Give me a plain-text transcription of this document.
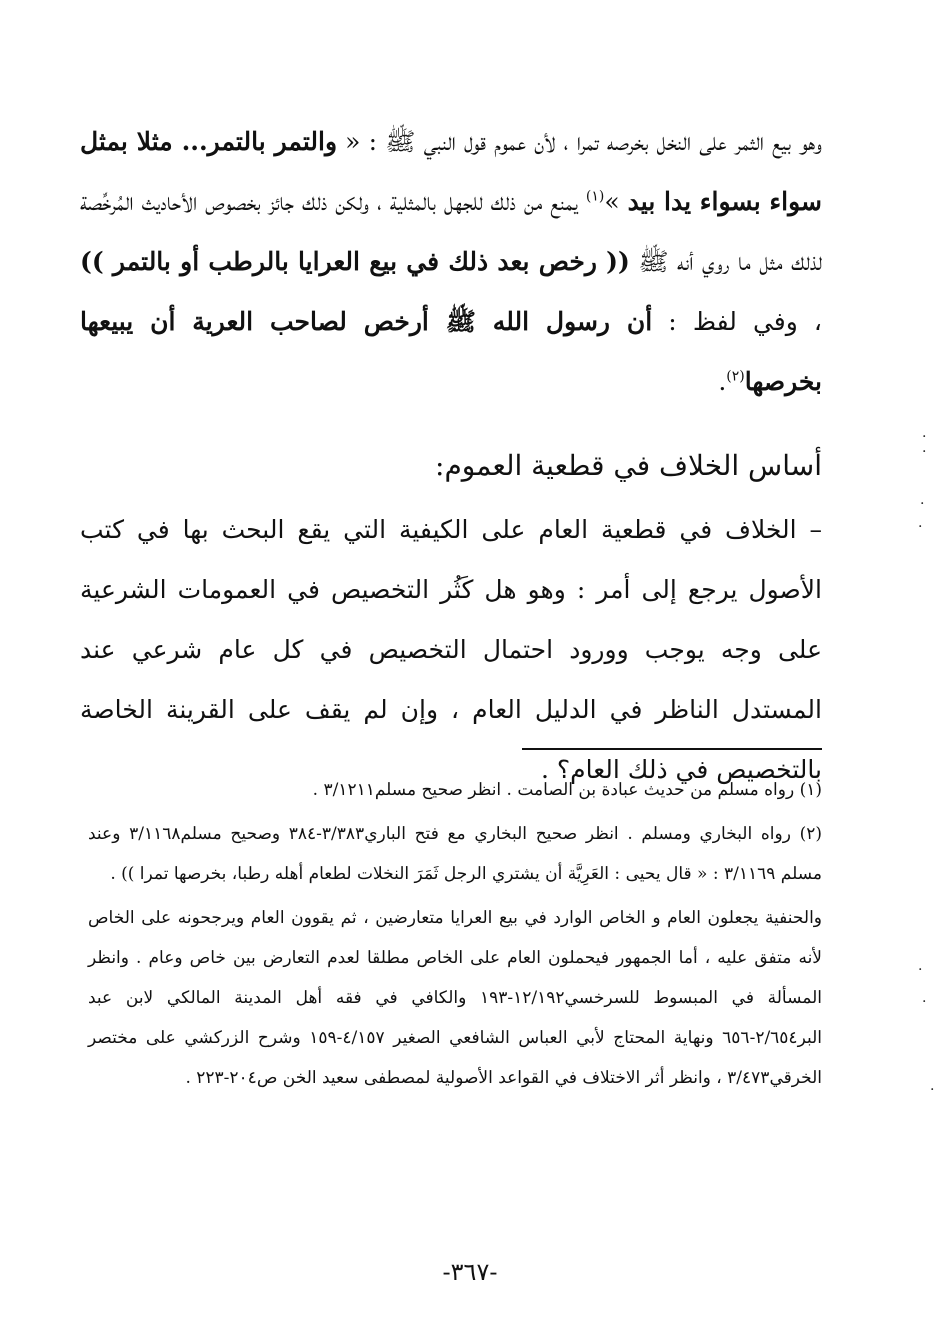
وهو بيع الثمر على النخل بخرصه تمرا ، لأن عموم قول النبي ﷺ : « والتمر بالتمر... مثلا بمثل سواء بسواء يدا بيد »$^{(١)}$ يمنع من ذلك للجهل بالمثلية ، ولكن ذلك جائز بخصوص الأحاديث المُرخِّصة لذلك مثل ما روي أنه ﷺ (( رخص بعد ذلك في بيع العرايا بالرطب أو بالتمر )) ، وفي لفظ : أن رسول الله ﷺ أرخص لصاحب العرية أن يبيعها بخرصها$^{(٢)}$.
أساس الخلاف في قطعية العموم:
– الخلاف في قطعية العام على الكيفية التي يقع البحث بها في كتب الأصول يرجع إلى أمر : وهو هل كَثُر التخصيص في العمومات الشرعية على وجه يوجب وورود احتمال التخصيص في كل عام شرعي عند المستدل الناظر في الدليل العام ، وإن لم يقف على القرينة الخاصة بالتخصيص في ذلك العام؟ .

(١) رواه مسلم من حديث عبادة بن الصامت . انظر صحيح مسلم٣/١٢١١ .

(٢) رواه البخاري ومسلم . انظر صحيح البخاري مع فتح الباري٣/٣٨٣-٣٨٤ وصحيح مسلم٣/١١٦٨ وعند مسلم ٣/١١٦٩ : « قال يحيى : العَرِيَّة أن يشتري الرجل ثَمَرَ النخلات لطعام أهله رطبا، بخرصها تمرا )) .

والحنفية يجعلون العام و الخاص الوارد في بيع العرايا متعارضين ، ثم يقوون العام ويرجحونه على الخاص لأنه متفق عليه ، أما الجمهور فيحملون العام على الخاص مطلقا لعدم التعارض بين خاص وعام . وانظر المسألة في المبسوط للسرخسي١٢/١٩٢-١٩٣ والكافي في فقه أهل المدينة المالكي لابن عبد البر٢/٦٥٤-٦٥٦ ونهاية المحتاج لأبي العباس الشافعي الصغير ٤/١٥٧-١٥٩ وشرح الزركشي على مختصر الخرقي٣/٤٧٣ ، وانظر أثر الاختلاف في القواعد الأصولية لمصطفى سعيد الخن ص٢٠٤-٢٢٣ .

-٣٦٧-
.
.
.
.
.
.
.
